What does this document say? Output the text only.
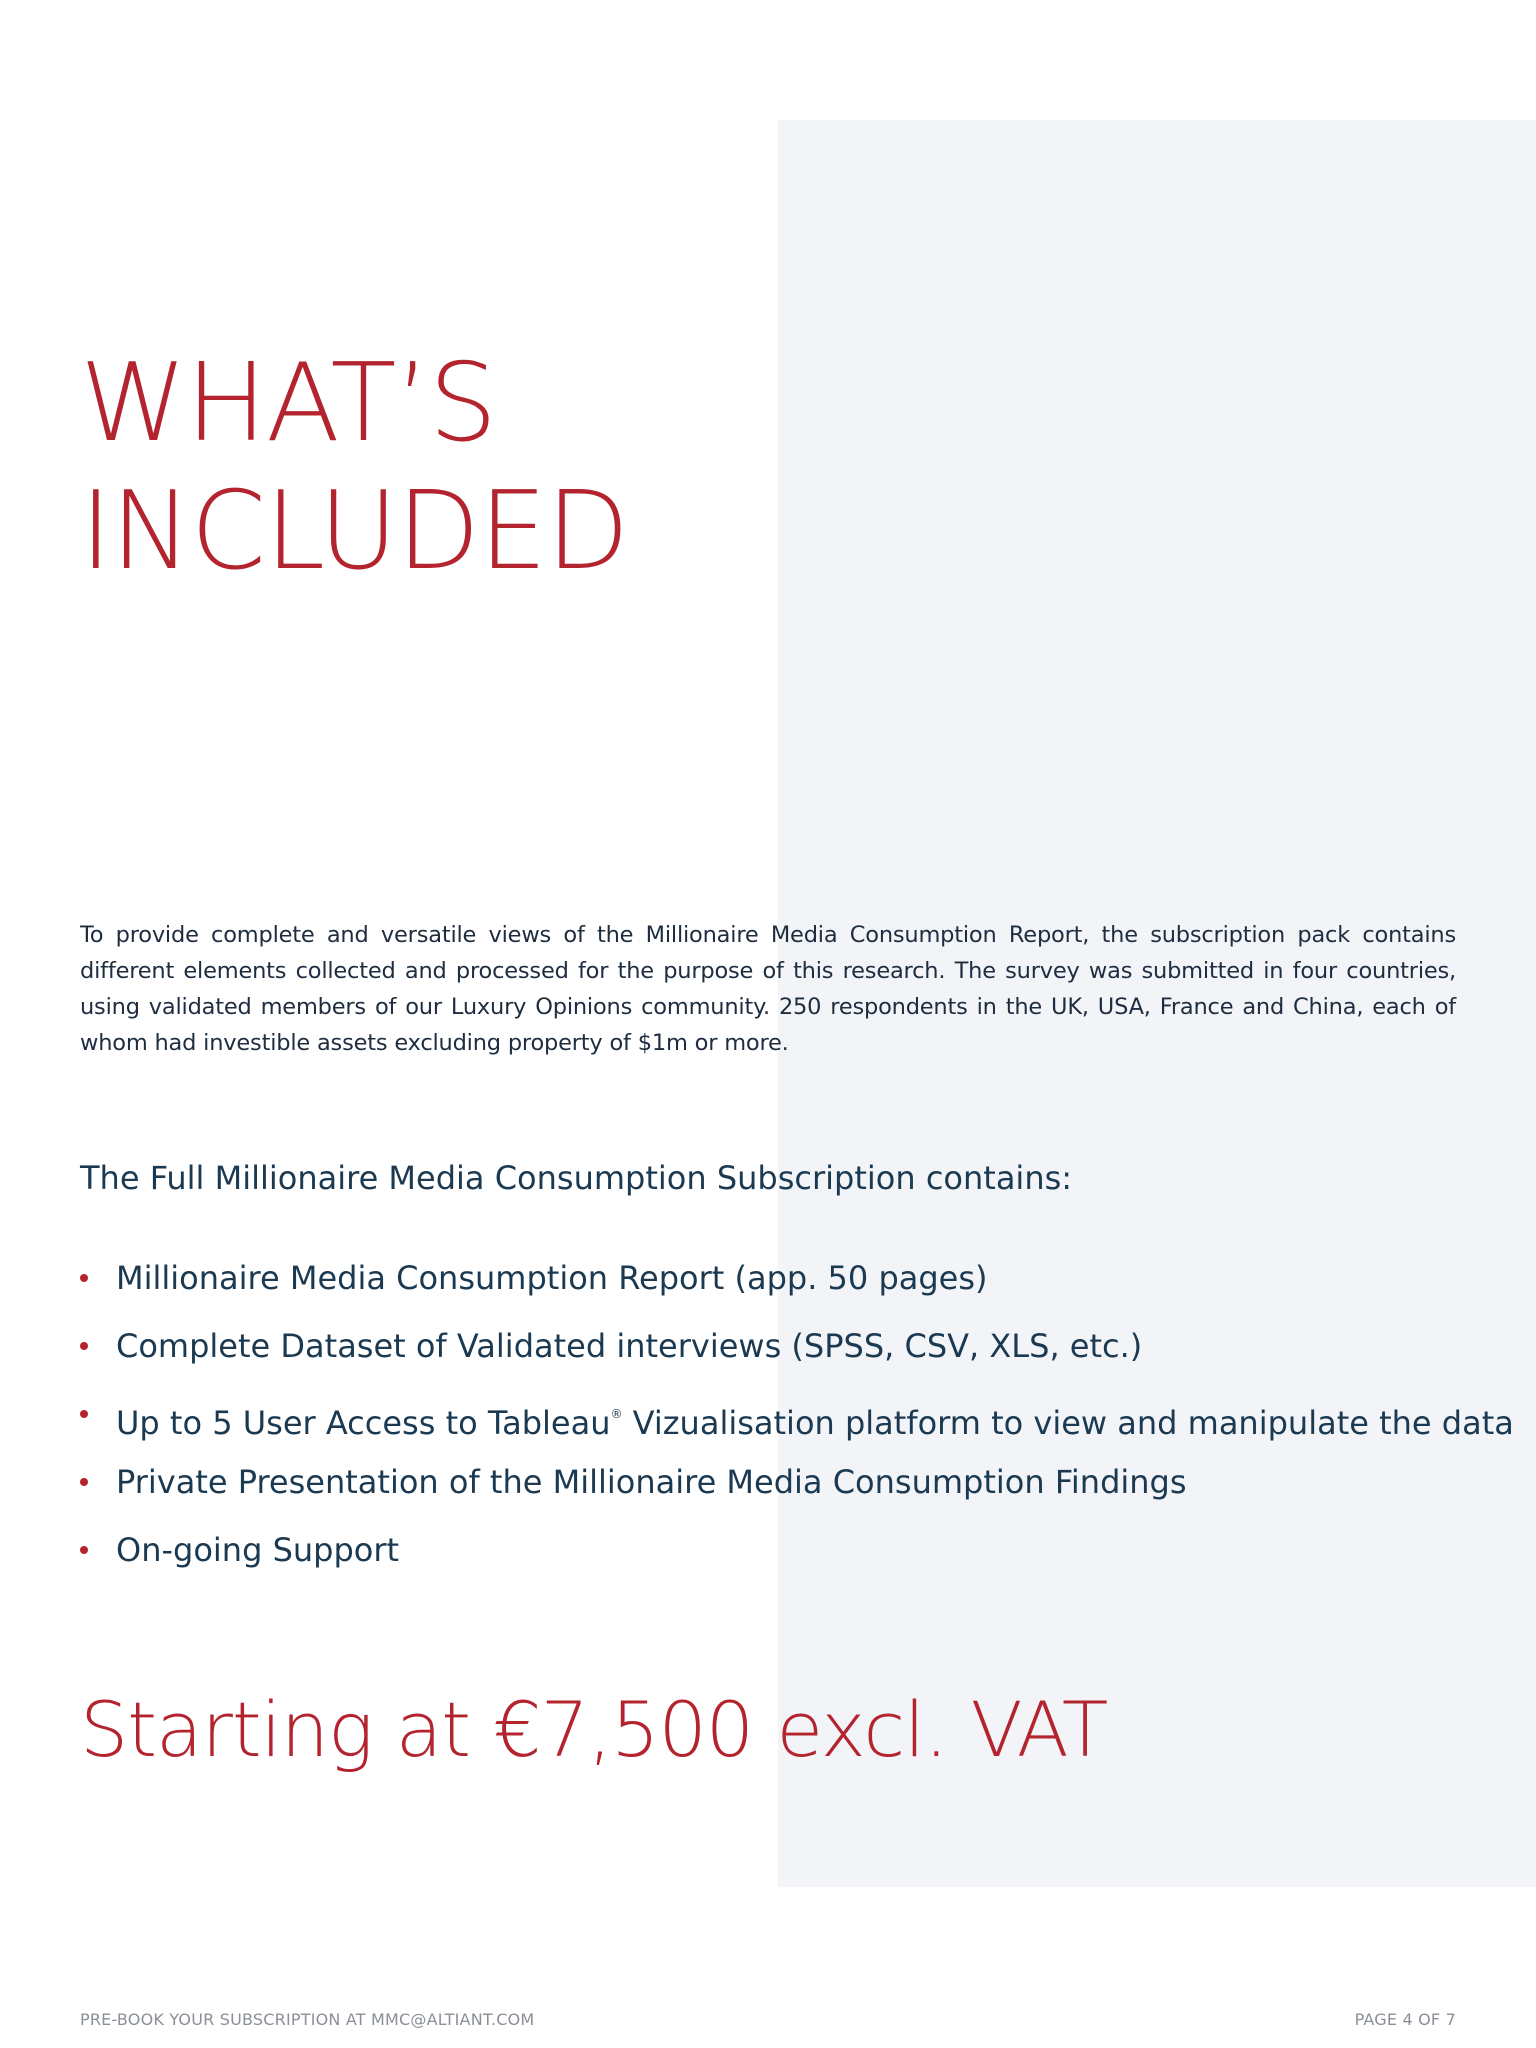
WHAT’S
INCLUDED

To provide complete and versatile views of the Millionaire Media Consumption Report, the subscription pack contains different elements collected and processed for the purpose of this research. The survey was submitted in four countries, using validated members of our Luxury Opinions community. 250 respondents in the UK, USA, France and China, each of whom had investible assets excluding property of $1m or more.

The Full Millionaire Media Consumption Subscription contains:
Millionaire Media Consumption Report (app. 50 pages)
Complete Dataset of Validated interviews (SPSS, CSV, XLS, etc.)
Up to 5 User Access to Tableau® Vizualisation platform to view and manipulate the data
Private Presentation of the Millionaire Media Consumption Findings
On-going Support

Starting at €7,500 excl. VAT

PRE-BOOK YOUR SUBSCRIPTION AT MMC@ALTIANT.COM	PAGE 4 OF 7
